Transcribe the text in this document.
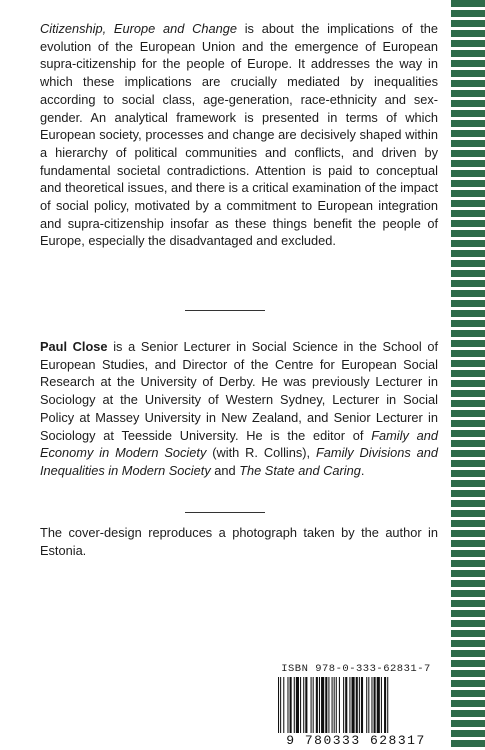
Citizenship, Europe and Change is about the implications of the evolution of the European Union and the emergence of European supra-citizenship for the people of Europe. It addresses the way in which these implications are crucially mediated by inequalities according to social class, age-generation, race-ethnicity and sex-gender. An analytical framework is presented in terms of which European society, processes and change are decisively shaped within a hierarchy of political communities and conflicts, and driven by fundamental societal contradictions. Attention is paid to conceptual and theoretical issues, and there is a critical examination of the impact of social policy, motivated by a commitment to European integration and supra-citizenship insofar as these things benefit the people of Europe, especially the disadvantaged and excluded.

Paul Close is a Senior Lecturer in Social Science in the School of European Studies, and Director of the Centre for European Social Research at the University of Derby. He was previously Lecturer in Sociology at the University of Western Sydney, Lecturer in Social Policy at Massey University in New Zealand, and Senior Lecturer in Sociology at Teesside University. He is the editor of Family and Economy in Modern Society (with R. Collins), Family Divisions and Inequalities in Modern Society and The State and Caring.

The cover-design reproduces a photograph taken by the author in Estonia.

ISBN 978-0-333-62831-7
9 780333 628317
